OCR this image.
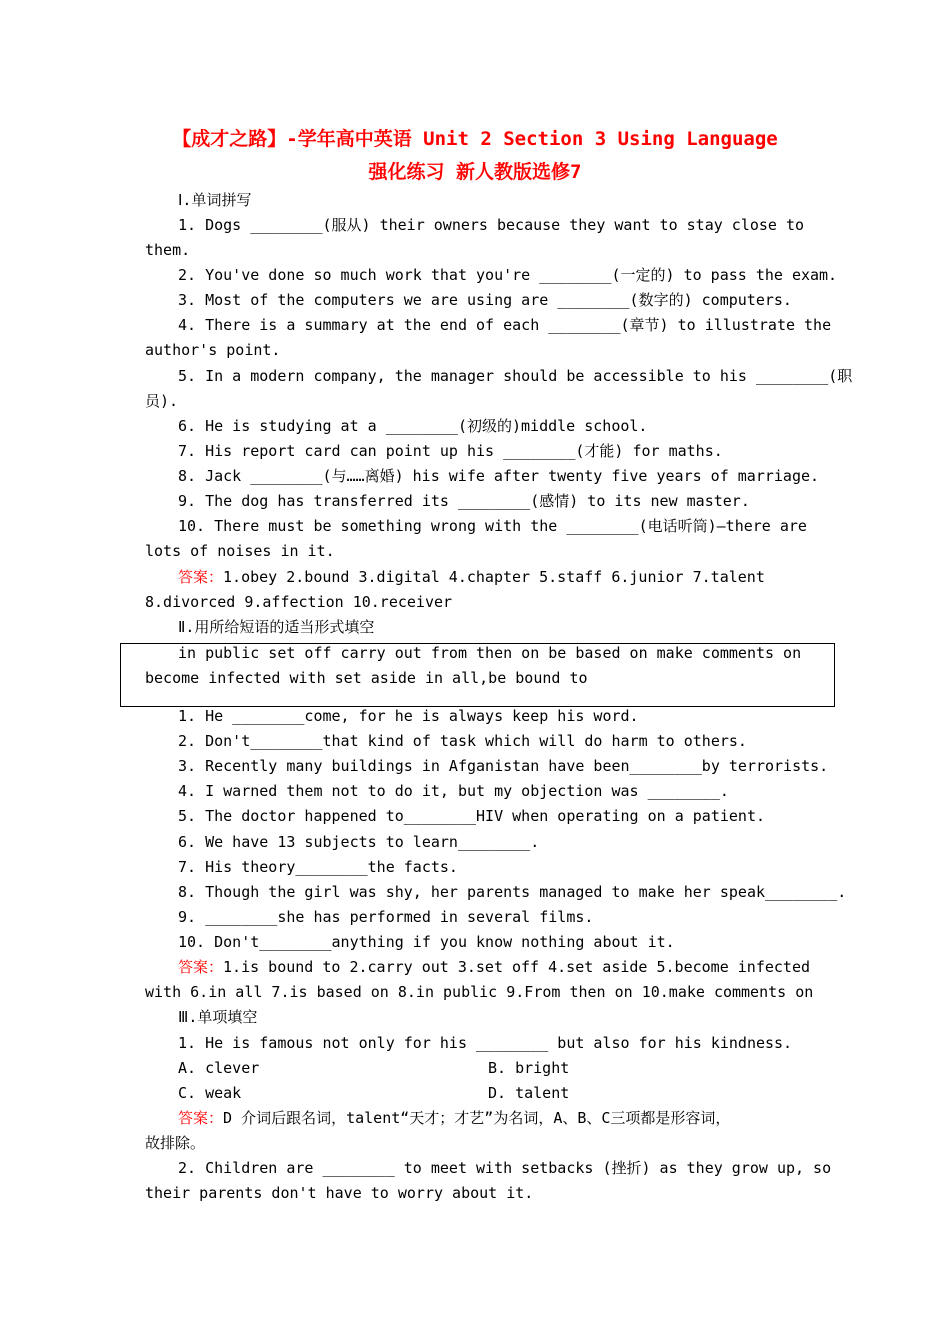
【成才之路】-学年高中英语 Unit 2 Section 3 Using Language
强化练习 新人教版选修7
Ⅰ.单词拼写
1. Dogs ________(服从) their owners because they want to stay close to
them.
2. You've done so much work that you're ________(一定的) to pass the exam.
3. Most of the computers we are using are ________(数字的) computers.
4. There is a summary at the end of each ________(章节) to illustrate the
author's point.
5. In a modern company, the manager should be accessible to his ________(职
员).
6. He is studying at a ________(初级的)middle school.
7. His report card can point up his ________(才能) for maths.
8. Jack ________(与……离婚) his wife after twenty five years of marriage.
9. The dog has transferred its ________(感情) to its new master.
10. There must be something wrong with the ________(电话听筒)—there are
lots of noises in it.
答案：1.obey 2.bound 3.digital 4.chapter 5.staff 6.junior 7.talent
8.divorced 9.affection 10.receiver
Ⅱ.用所给短语的适当形式填空
in public set off carry out from then on be based on make comments on
become infected with set aside in all,be bound to
1. He ________come, for he is always keep his word.
2. Don't________that kind of task which will do harm to others.
3. Recently many buildings in Afganistan have been________by terrorists.
4. I warned them not to do it, but my objection was ________.
5. The doctor happened to________HIV when operating on a patient.
6. We have 13 subjects to learn________.
7. His theory________the facts.
8. Though the girl was shy, her parents managed to make her speak________.
9. ________she has performed in several films.
10. Don't________anything if you know nothing about it.
答案：1.is bound to 2.carry out 3.set off 4.set aside 5.become infected
with 6.in all 7.is based on 8.in public 9.From then on 10.make comments on
Ⅲ.单项填空
1. He is famous not only for his ________ but also for his kindness.
A. clever	B. bright
C. weak	D. talent
答案：D 介词后跟名词，talent“天才；才艺”为名词，A、B、C三项都是形容词，
故排除。
2. Children are ________ to meet with setbacks (挫折) as they grow up, so
their parents don't have to worry about it.
